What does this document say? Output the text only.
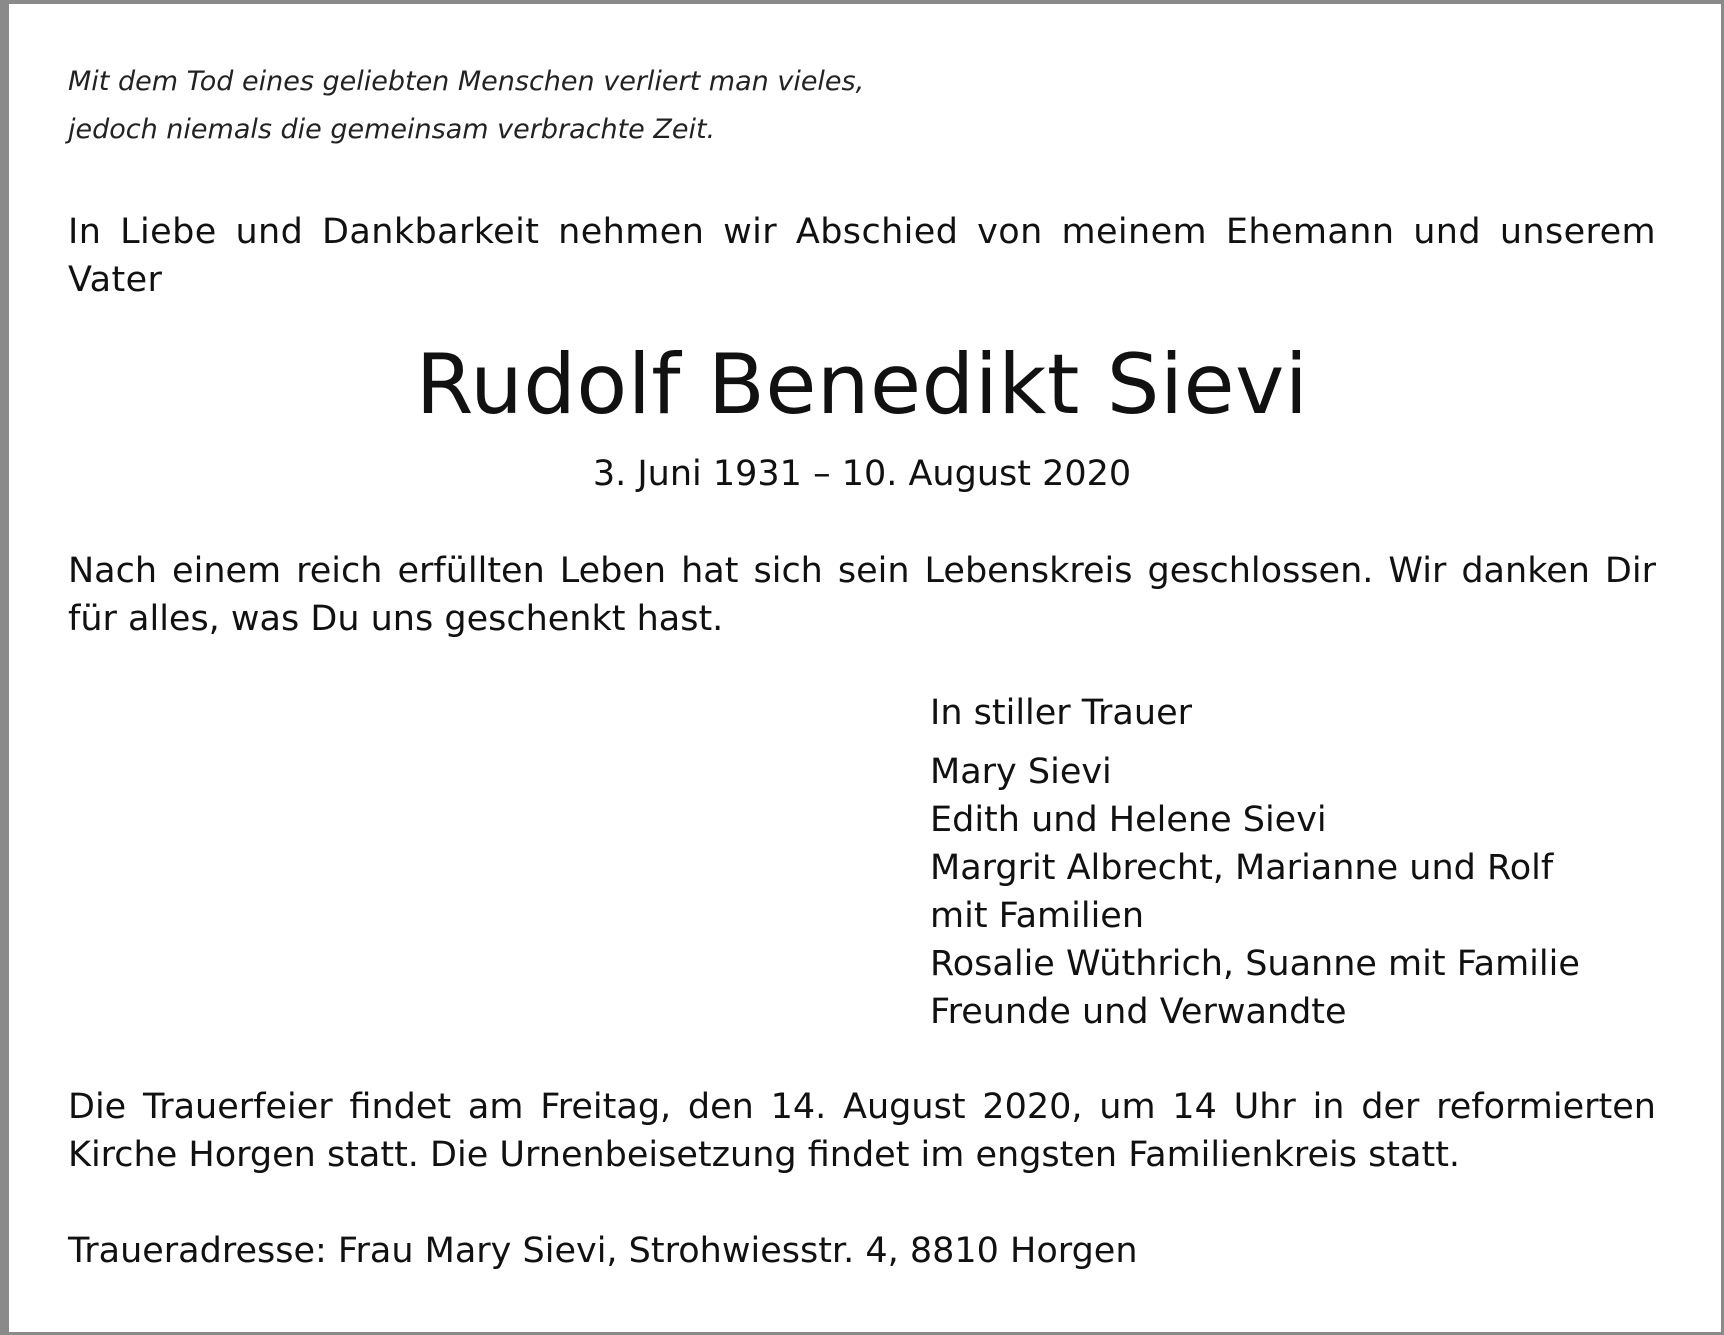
Mit dem Tod eines geliebten Menschen verliert man vieles,
jedoch niemals die gemeinsam verbrachte Zeit.
In Liebe und Dankbarkeit nehmen wir Abschied von meinem Ehemann und unserem Vater
Rudolf Benedikt Sievi
3. Juni 1931 – 10. August 2020
Nach einem reich erfüllten Leben hat sich sein Lebenskreis geschlossen. Wir danken Dir für alles, was Du uns geschenkt hast.
In stiller Trauer
Mary Sievi
Edith und Helene Sievi
Margrit Albrecht, Marianne und Rolf
mit Familien
Rosalie Wüthrich, Suanne mit Familie
Freunde und Verwandte
Die Trauerfeier findet am Freitag, den 14. August 2020, um 14 Uhr in der reformierten Kirche Horgen statt. Die Urnenbeisetzung findet im engsten Familienkreis statt.
Traueradresse: Frau Mary Sievi, Strohwiesstr. 4, 8810 Horgen
